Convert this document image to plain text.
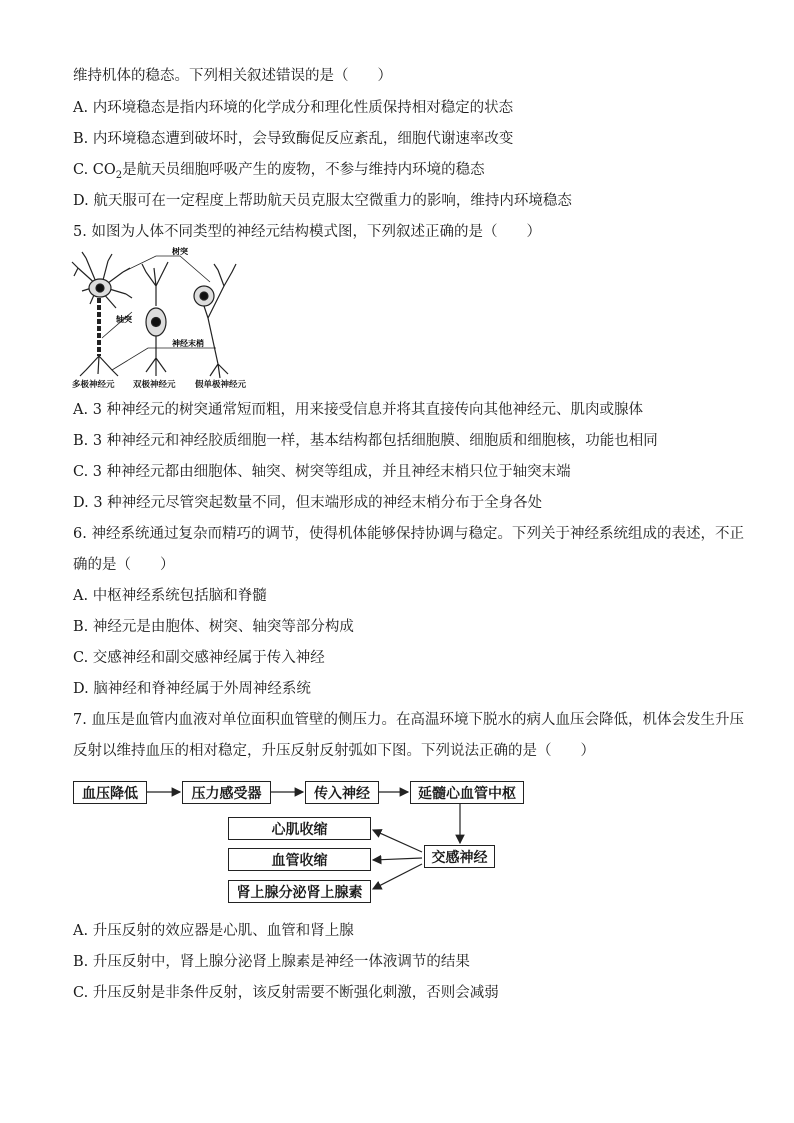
维持机体的稳态。下列相关叙述错误的是（　　）
A. 内环境稳态是指内环境的化学成分和理化性质保持相对稳定的状态
B. 内环境稳态遭到破坏时，会导致酶促反应紊乱，细胞代谢速率改变
C. $CO_2$是航天员细胞呼吸产生的废物，不参与维持内环境的稳态
D. 航天服可在一定程度上帮助航天员克服太空微重力的影响，维持内环境稳态
5. 如图为人体不同类型的神经元结构模式图，下列叙述正确的是（　　）
树突
轴突
神经末梢
多极神经元 双极神经元 假单极神经元
A. 3 种神经元的树突通常短而粗，用来接受信息并将其直接传向其他神经元、肌肉或腺体
B. 3 种神经元和神经胶质细胞一样，基本结构都包括细胞膜、细胞质和细胞核，功能也相同
C. 3 种神经元都由细胞体、轴突、树突等组成，并且神经末梢只位于轴突末端
D. 3 种神经元尽管突起数量不同，但末端形成的神经末梢分布于全身各处
6. 神经系统通过复杂而精巧的调节，使得机体能够保持协调与稳定。下列关于神经系统组成的表述，不正
确的是（　　）
A. 中枢神经系统包括脑和脊髓
B. 神经元是由胞体、树突、轴突等部分构成
C. 交感神经和副交感神经属于传入神经
D. 脑神经和脊神经属于外周神经系统
7. 血压是血管内血液对单位面积血管壁的侧压力。在高温环境下脱水的病人血压会降低，机体会发生升压
反射以维持血压的相对稳定，升压反射反射弧如下图。下列说法正确的是（　　）
血压降低	压力感受器	传入神经	延髓心血管中枢
交感神经
心肌收缩
血管收缩
肾上腺分泌肾上腺素
A. 升压反射的效应器是心肌、血管和肾上腺
B. 升压反射中，肾上腺分泌肾上腺素是神经一体液调节的结果
C. 升压反射是非条件反射，该反射需要不断强化刺激，否则会减弱
